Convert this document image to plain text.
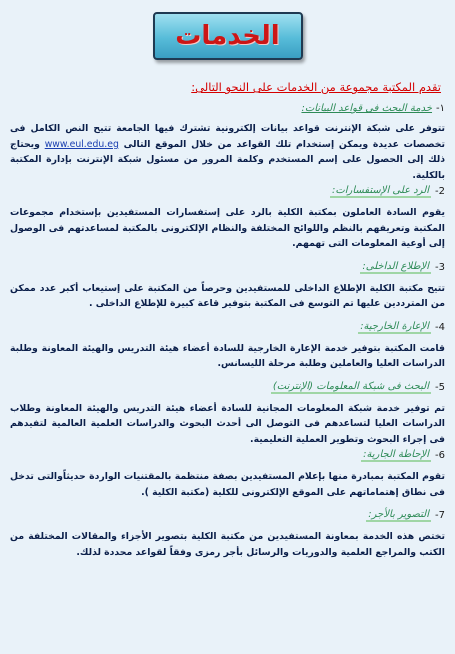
الخدمات
تقدم المكتبة مجموعة من الخدمات على النحو التالى:
١-
خدمة البحث فى قواعد البيانات:
تتوفر على شبكة الإنترنت قواعد بيانات إلكترونية تشترك فيها الجامعة تتيح النص الكامل فى تخصصات عديدة ويمكن إستخدام تلك القواعد من خلال الموقع التالى www.eul.edu.eg ويحتاج ذلك إلى الحصول على إسم المستخدم وكلمة المرور من مسئول شبكة الإنترنت بإدارة المكتبة بالكلية.
2-
الرد على الإستفسارات:
يقوم السادة العاملون بمكتبة الكلية بالرد على إستفسارات المستفيدين بإستخدام مجموعات المكتبة وتعريفهم بالنظم واللوائح المختلفة والنظام الإلكترونى بالمكتبة لمساعدتهم فى الوصول إلى أوعية المعلومات التى تهمهم.
3-
الإطلاع الداخلى:
تتيح مكتبة الكلية الإطلاع الداخلى للمستفيدين وحرصاً من المكتبة على إستيعاب أكبر عدد ممكن من المترددين عليها تم التوسع فى المكتبة بتوفير قاعة كبيرة للإطلاع الداخلى .
4-
الإعارة الخارجية:
قامت المكتبة بتوفير خدمة الإعارة الخارجية للسادة أعضاء هيئة التدريس والهيئة المعاونة وطلبة الدراسات العليا والعاملين وطلبة مرحلة الليسانس.
5-
البحث فى شبكة المعلومات (الإنترنت)
تم توفير خدمة شبكة المعلومات المجانية للسادة أعضاء هيئة التدريس والهيئة المعاونة وطلاب الدراسات العليا لتساعدهم فى التوصل الى أحدث البحوث والدراسات العلمية العالمية لتفيدهم فى إجراء البحوث وتطوير العملية التعليمية.
6-
الإحاطة الجارية:
تقوم المكتبة بمبادرة منها بإعلام المستفيدين بصفة منتظمة بالمقتنيات الواردة حديثاًوالتى تدخل فى نطاق إهتماماتهم على الموقع الإلكترونى للكلية (مكتبة الكلية ).
7-
التصوير بالأجر:
تختص هذه الخدمة بمعاونة المستفيدين من مكتبة الكلية بتصوير الأجزاء والمقالات المختلفة من الكتب والمراجع العلمية والدوريات والرسائل بأجر رمزى وفقاً لقواعد محددة لذلك.
